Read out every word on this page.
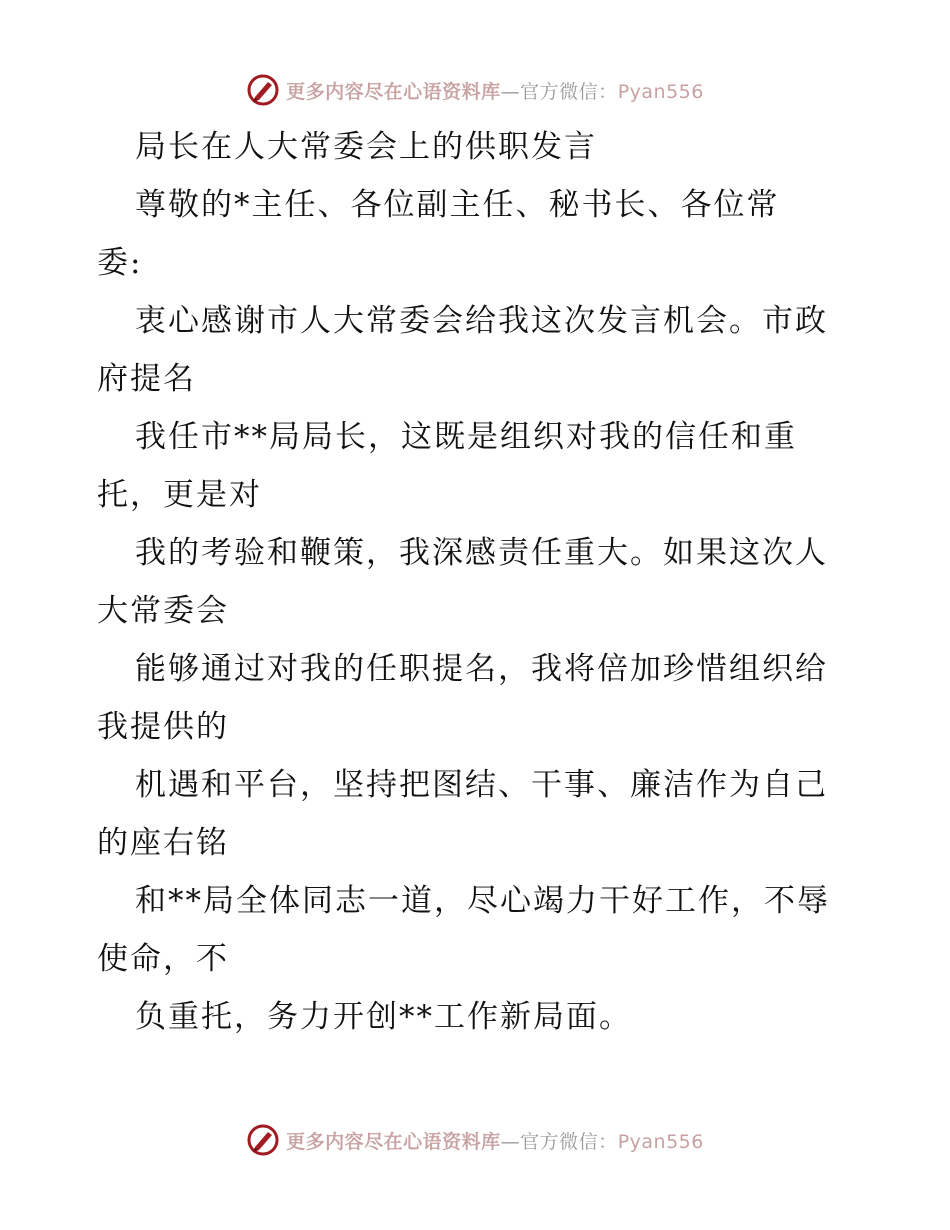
更多内容尽在心语资料库—官方微信：Pyan556
局长在人大常委会上的供职发言
尊敬的*主任、各位副主任、秘书长、各位常
委:
衷心感谢市人大常委会给我这次发言机会。市政
府提名
我任市**局局长，这既是组织对我的信任和重
托，更是对
我的考验和鞭策，我深感责任重大。如果这次人
大常委会
能够通过对我的任职提名，我将倍加珍惜组织给
我提供的
机遇和平台，坚持把图结、干事、廉洁作为自己
的座右铭
和**局全体同志一道，尽心竭力干好工作，不辱
使命，不
负重托，务力开创**工作新局面。
更多内容尽在心语资料库—官方微信：Pyan556
